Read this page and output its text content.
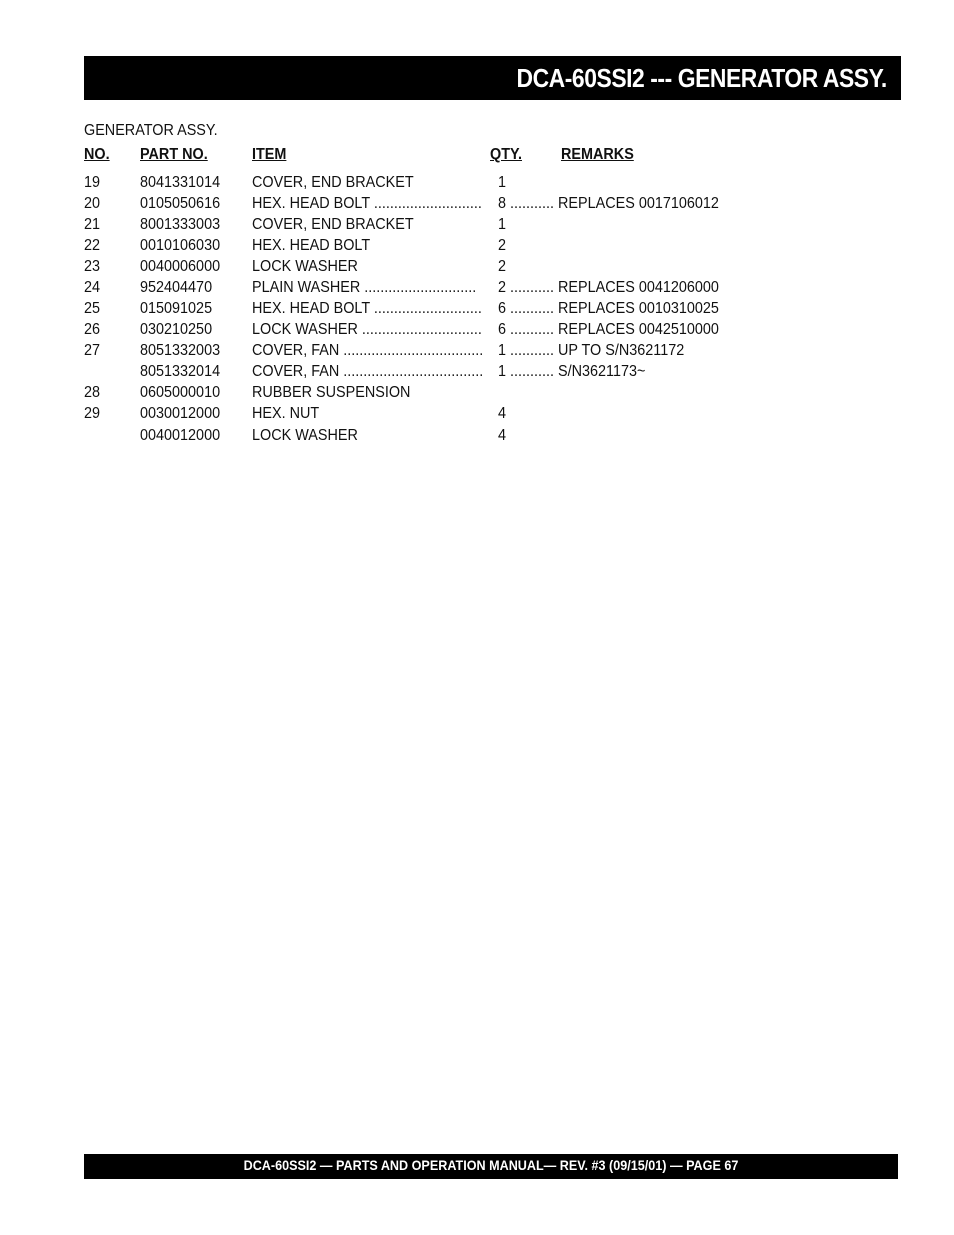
DCA-60SSI2 --- GENERATOR ASSY.
GENERATOR ASSY.
NO. PART NO.	ITEM	QTY. REMARKS
19 8041331014 COVER, END BRACKET	1
20 0105050616 HEX. HEAD BOLT ........................... 8 ........... REPLACES 0017106012
21 8001333003 COVER, END BRACKET	1
22 0010106030 HEX. HEAD BOLT	2
23 0040006000 LOCK WASHER	2
24 952404470 PLAIN WASHER ............................ 2 ........... REPLACES 0041206000
25 015091025 HEX. HEAD BOLT ........................... 6 ........... REPLACES 0010310025
26 030210250 LOCK WASHER .............................. 6 ........... REPLACES 0042510000
27 8051332003 COVER, FAN ................................... 1 ........... UP TO S/N3621172
8051332014 COVER, FAN ................................... 1 ........... S/N3621173~
28 0605000010 RUBBER SUSPENSION
29 0030012000 HEX. NUT	4
0040012000 LOCK WASHER	4
DCA-60SSI2 — PARTS AND OPERATION MANUAL— REV. #3 (09/15/01) — PAGE 67
